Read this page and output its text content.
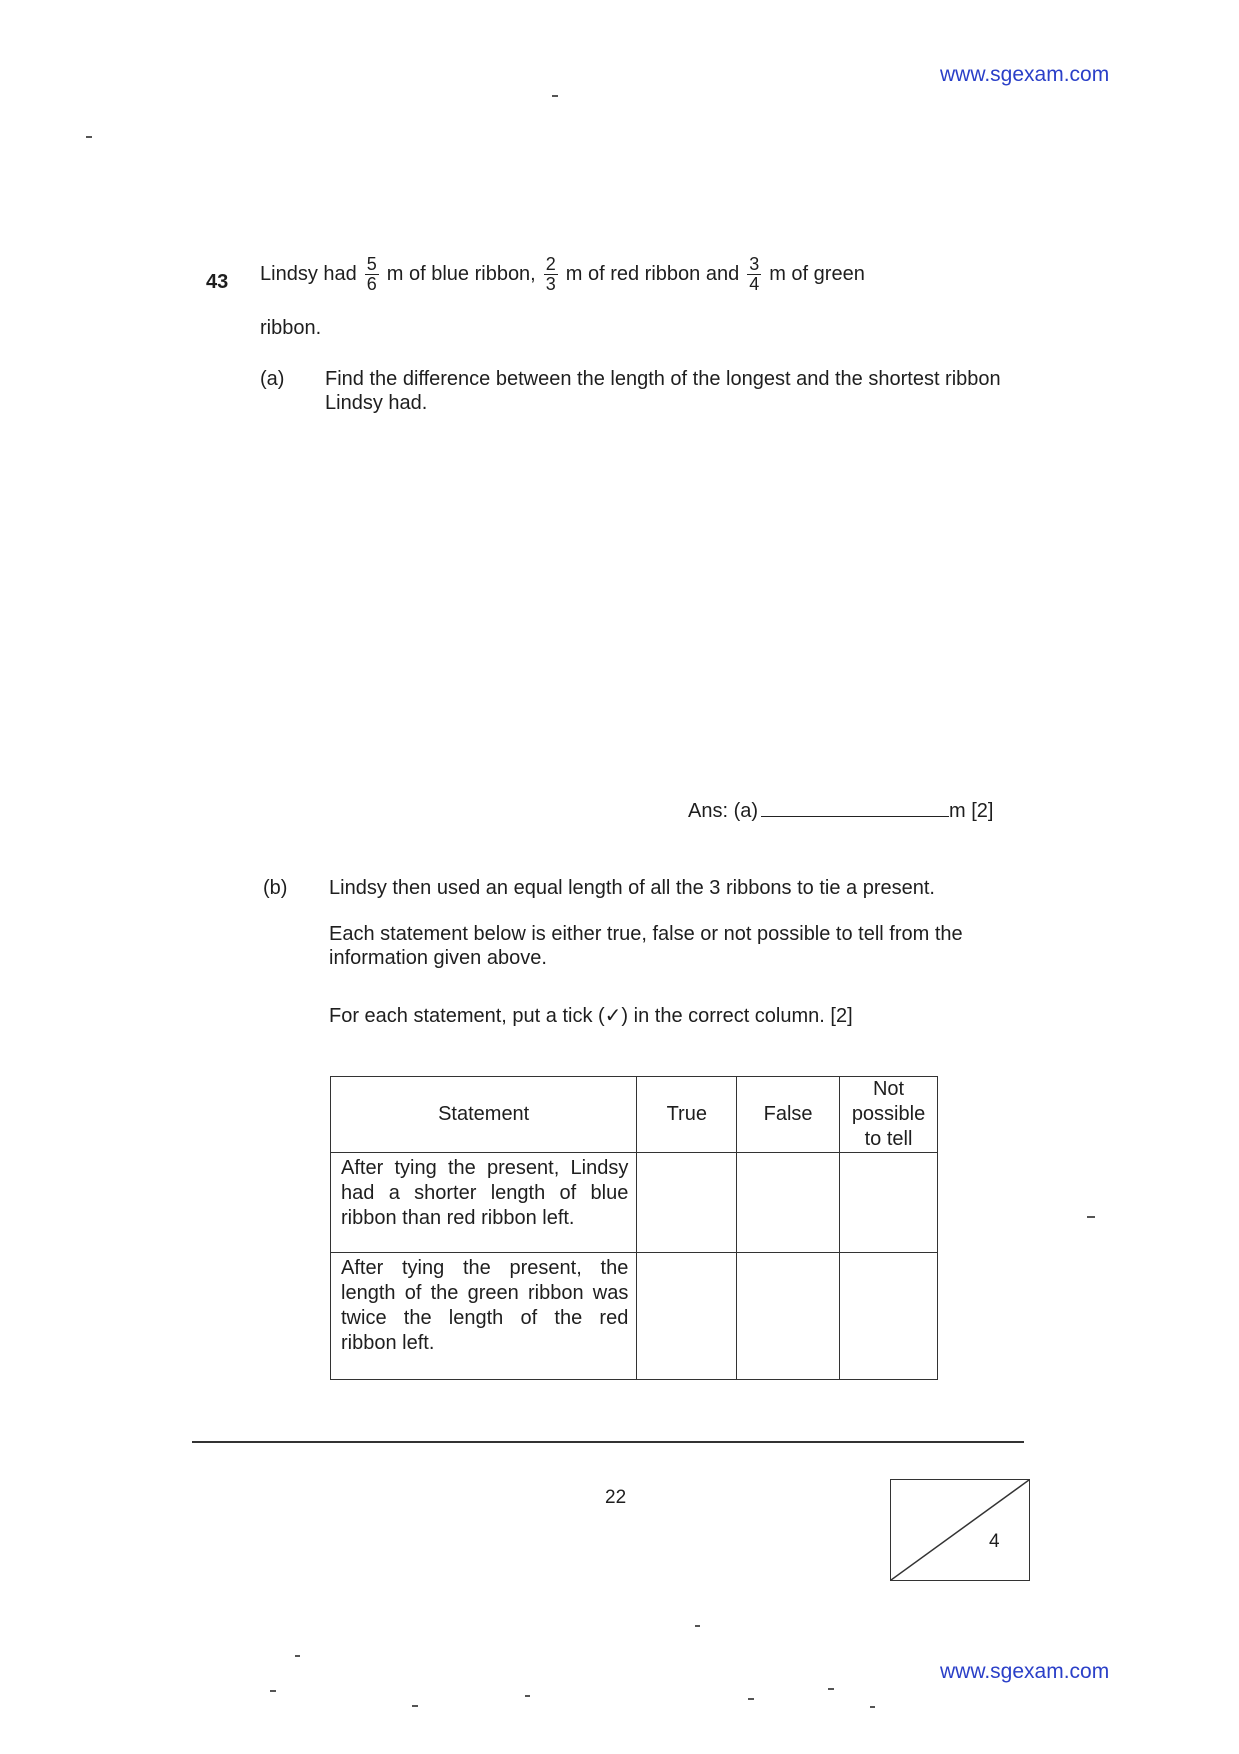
www.sgexam.com
43 Lindsy had $\frac{5}{6}$ m of blue ribbon, $\frac{2}{3}$ m of red ribbon and $\frac{3}{4}$ m of green
ribbon.
(a) Find the difference between the length of the longest and the shortest ribbon Lindsy had.
Ans: (a)	m [2]
(b) Lindsy then used an equal length of all the 3 ribbons to tie a present.
Each statement below is either true, false or not possible to tell from the information given above.
For each statement, put a tick (✓) in the correct column. [2]
Statement	True	False	Not possible to tell
After tying the present, Lindsy had a shorter length of blue ribbon than red ribbon left.			
After tying the present, the length of the green ribbon was twice the length of the red ribbon left.			
22
4
www.sgexam.com
